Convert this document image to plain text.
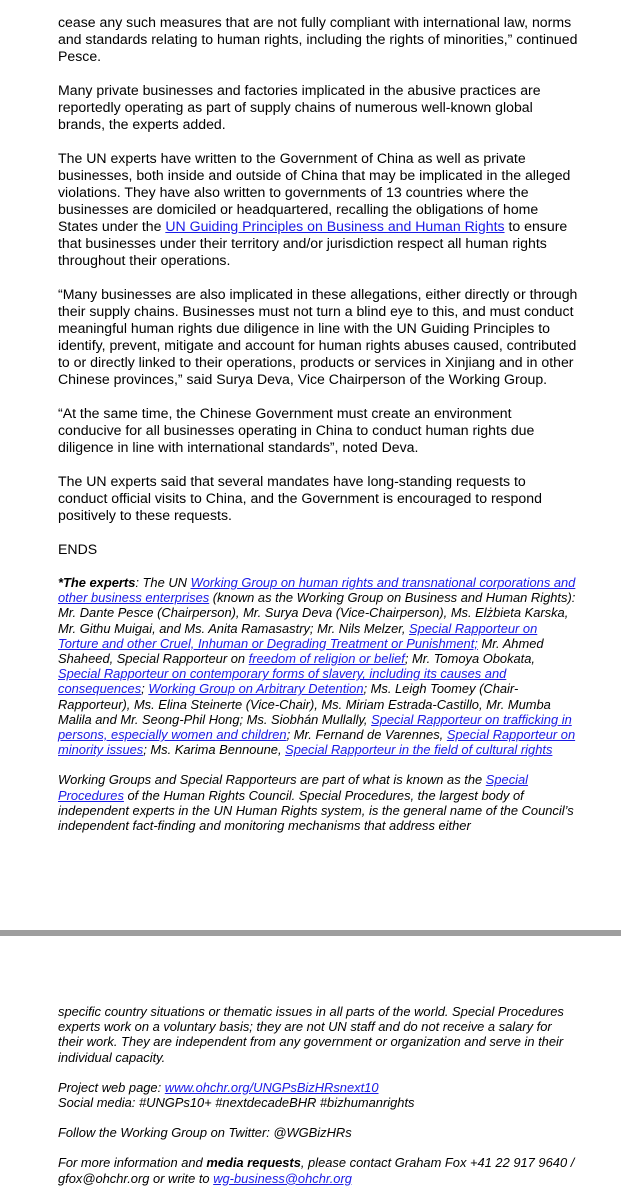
cease any such measures that are not fully compliant with international law, norms and standards relating to human rights, including the rights of minorities,” continued Pesce.

Many private businesses and factories implicated in the abusive practices are reportedly operating as part of supply chains of numerous well-known global brands, the experts added.

The UN experts have written to the Government of China as well as private businesses, both inside and outside of China that may be implicated in the alleged violations. They have also written to governments of 13 countries where the businesses are domiciled or headquartered, recalling the obligations of home States under the UN Guiding Principles on Business and Human Rights to ensure that businesses under their territory and/or jurisdiction respect all human rights throughout their operations.

“Many businesses are also implicated in these allegations, either directly or through their supply chains. Businesses must not turn a blind eye to this, and must conduct meaningful human rights due diligence in line with the UN Guiding Principles to identify, prevent, mitigate and account for human rights abuses caused, contributed to or directly linked to their operations, products or services in Xinjiang and in other Chinese provinces,” said Surya Deva, Vice Chairperson of the Working Group.

“At the same time, the Chinese Government must create an environment conducive for all businesses operating in China to conduct human rights due diligence in line with international standards”, noted Deva.

The UN experts said that several mandates have long-standing requests to conduct official visits to China, and the Government is encouraged to respond positively to these requests.

ENDS

*The experts: The UN Working Group on human rights and transnational corporations and other business enterprises (known as the Working Group on Business and Human Rights): Mr. Dante Pesce (Chairperson), Mr. Surya Deva (Vice-Chairperson), Ms. Elżbieta Karska, Mr. Githu Muigai, and Ms. Anita Ramasastry; Mr. Nils Melzer, Special Rapporteur on Torture and other Cruel, Inhuman or Degrading Treatment or Punishment; Mr. Ahmed Shaheed, Special Rapporteur on freedom of religion or belief; Mr. Tomoya Obokata, Special Rapporteur on contemporary forms of slavery, including its causes and consequences; Working Group on Arbitrary Detention; Ms. Leigh Toomey (Chair-Rapporteur), Ms. Elina Steinerte (Vice-Chair), Ms. Miriam Estrada-Castillo, Mr. Mumba Malila and Mr. Seong-Phil Hong; Ms. Siobhán Mullally, Special Rapporteur on trafficking in persons, especially women and children; Mr. Fernand de Varennes, Special Rapporteur on minority issues; Ms. Karima Bennoune, Special Rapporteur in the field of cultural rights

Working Groups and Special Rapporteurs are part of what is known as the Special Procedures of the Human Rights Council. Special Procedures, the largest body of independent experts in the UN Human Rights system, is the general name of the Council’s independent fact-finding and monitoring mechanisms that address either

specific country situations or thematic issues in all parts of the world. Special Procedures experts work on a voluntary basis; they are not UN staff and do not receive a salary for their work. They are independent from any government or organization and serve in their individual capacity.

Project web page: www.ohchr.org/UNGPsBizHRsnext10

Social media: #UNGPs10+ #nextdecadeBHR #bizhumanrights

Follow the Working Group on Twitter: @WGBizHRs

For more information and media requests, please contact Graham Fox +41 22 917 9640 / gfox@ohchr.org or write to wg-business@ohchr.org
